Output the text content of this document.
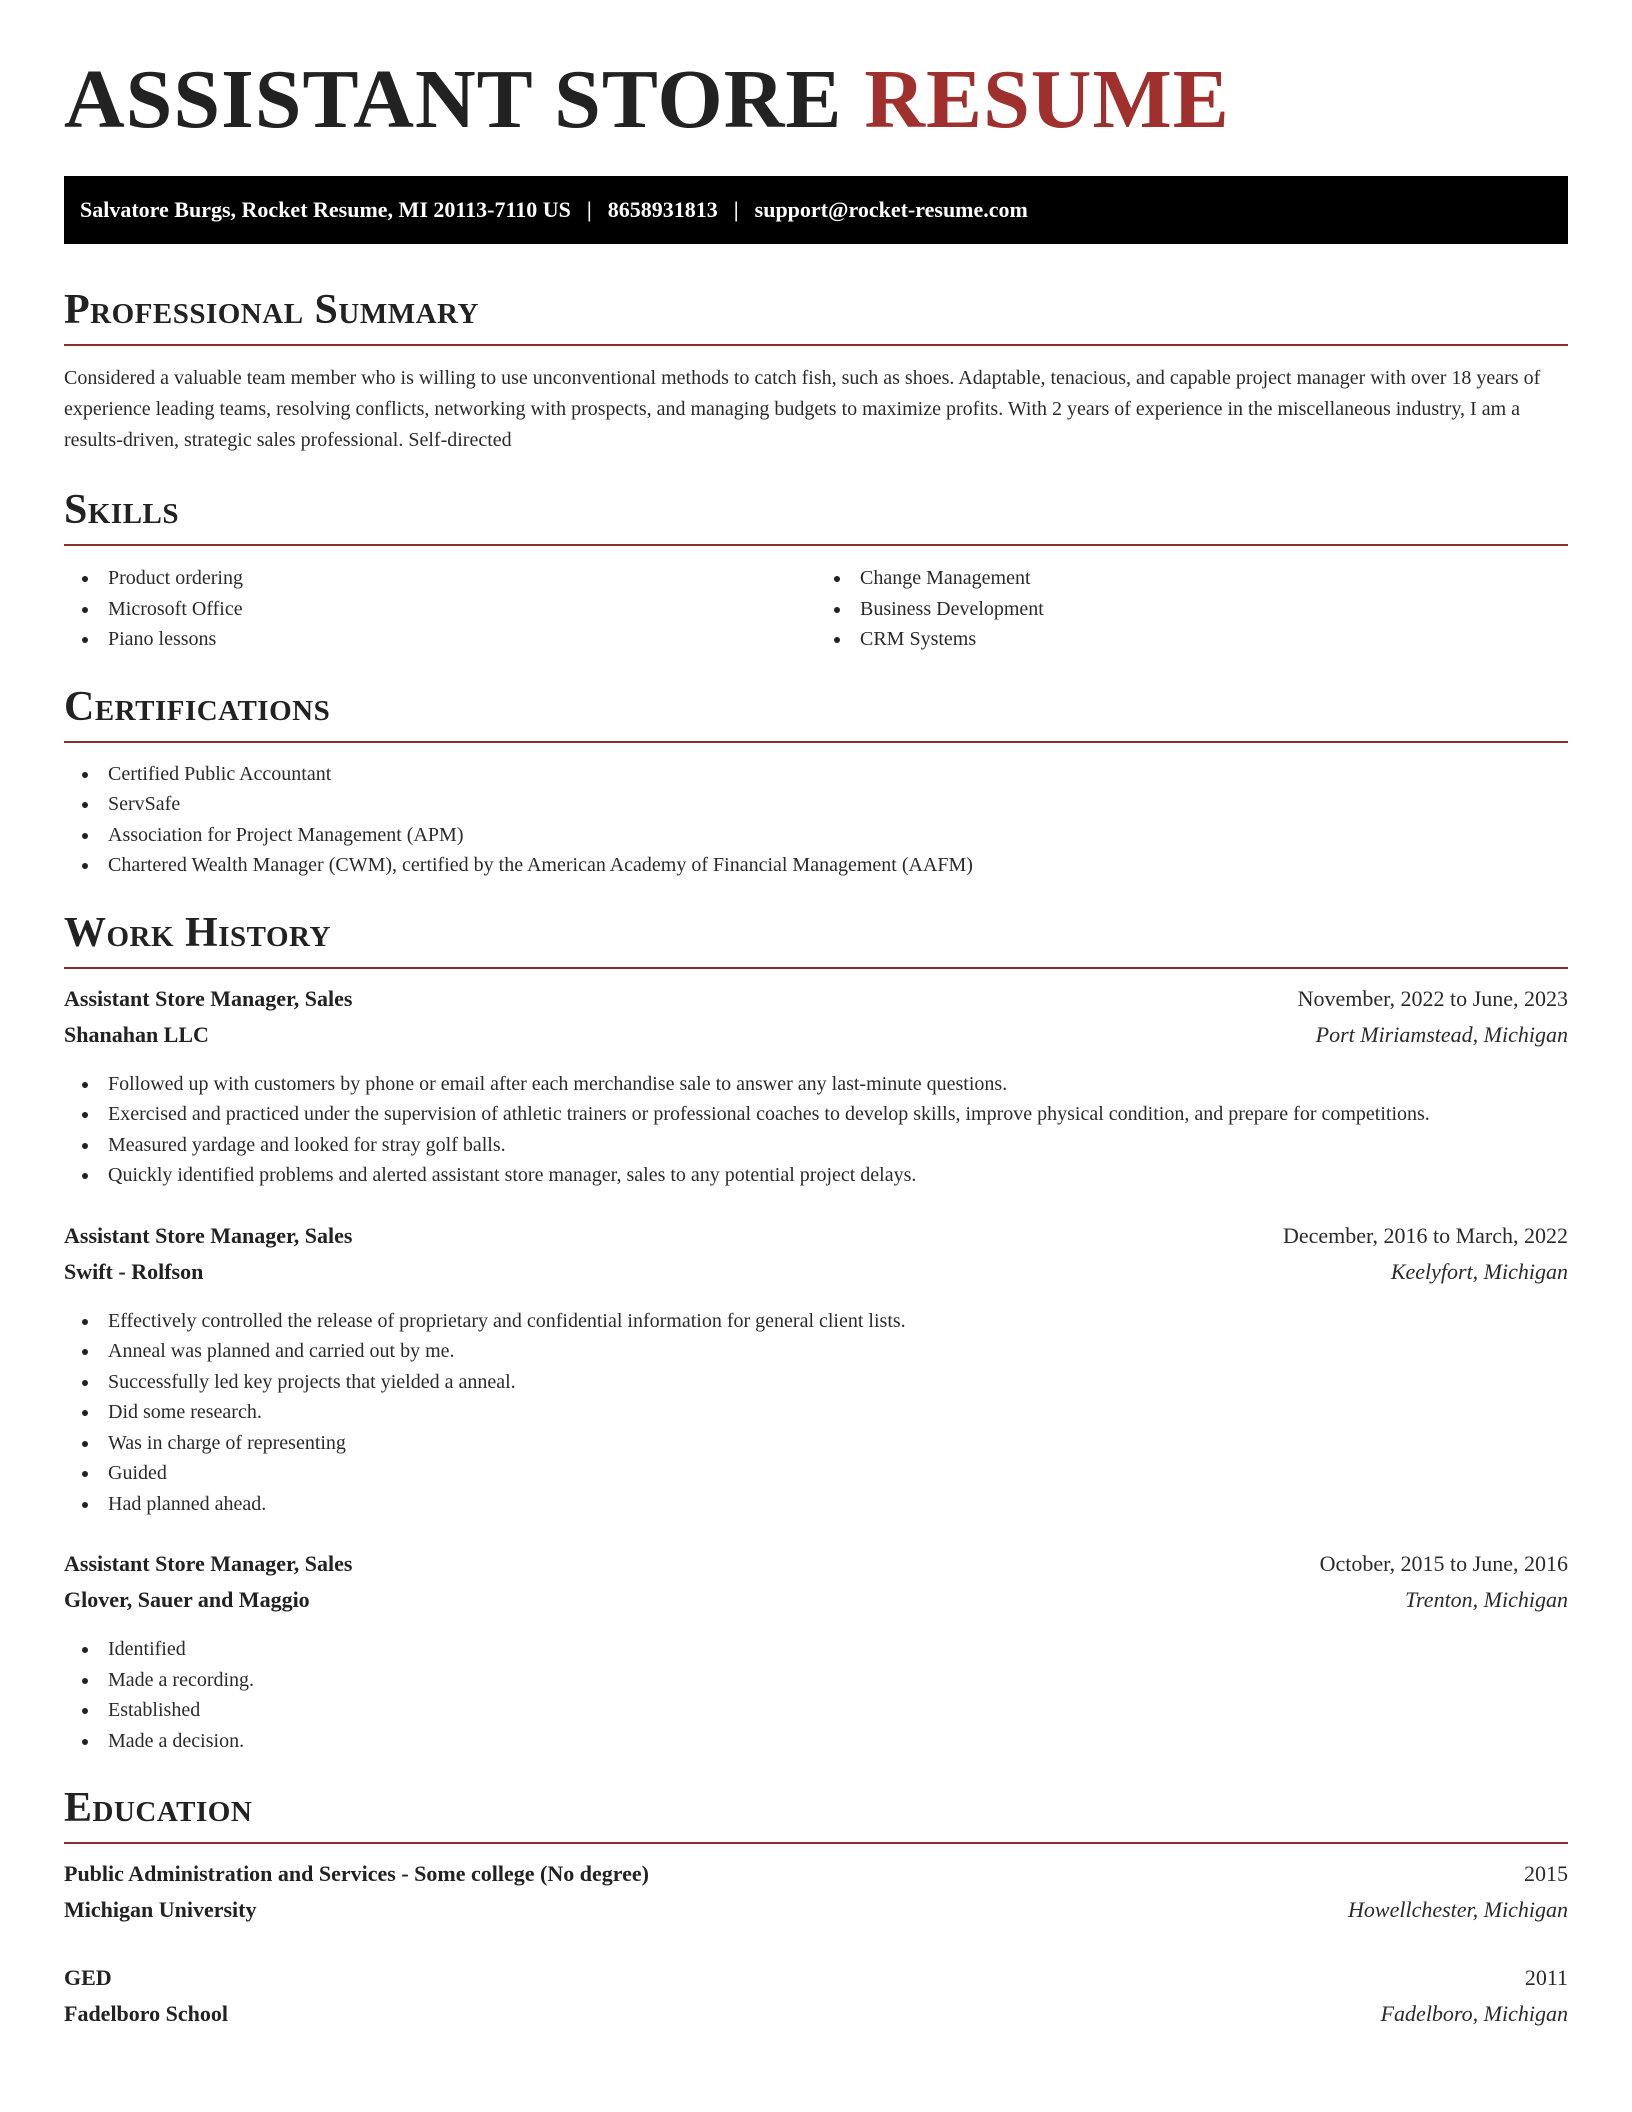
ASSISTANT STORE RESUME
Salvatore Burgs, Rocket Resume, MI 20113-7110 US | 8658931813 | support@rocket-resume.com
Professional Summary

Considered a valuable team member who is willing to use unconventional methods to catch fish, such as shoes. Adaptable, tenacious, and capable project manager with over 18 years of experience leading teams, resolving conflicts, networking with prospects, and managing budgets to maximize profits. With 2 years of experience in the miscellaneous industry, I am a results-driven, strategic sales professional. Self-directed

Skills
Product ordering
Microsoft Office
Piano lessons
Change Management
Business Development
CRM Systems
Certifications
Certified Public Accountant
ServSafe
Association for Project Management (APM)
Chartered Wealth Manager (CWM), certified by the American Academy of Financial Management (AAFM)
Work History
Assistant Store Manager, Sales	November, 2022 to June, 2023
Shanahan LLC	Port Miriamstead, Michigan
Followed up with customers by phone or email after each merchandise sale to answer any last-minute questions.
Exercised and practiced under the supervision of athletic trainers or professional coaches to develop skills, improve physical condition, and prepare for competitions.
Measured yardage and looked for stray golf balls.
Quickly identified problems and alerted assistant store manager, sales to any potential project delays.
Assistant Store Manager, Sales	December, 2016 to March, 2022
Swift - Rolfson	Keelyfort, Michigan
Effectively controlled the release of proprietary and confidential information for general client lists.
Anneal was planned and carried out by me.
Successfully led key projects that yielded a anneal.
Did some research.
Was in charge of representing
Guided
Had planned ahead.
Assistant Store Manager, Sales	October, 2015 to June, 2016
Glover, Sauer and Maggio	Trenton, Michigan
Identified
Made a recording.
Established
Made a decision.
Education
Public Administration and Services - Some college (No degree)	2015
Michigan University	Howellchester, Michigan
GED	2011
Fadelboro School	Fadelboro, Michigan
